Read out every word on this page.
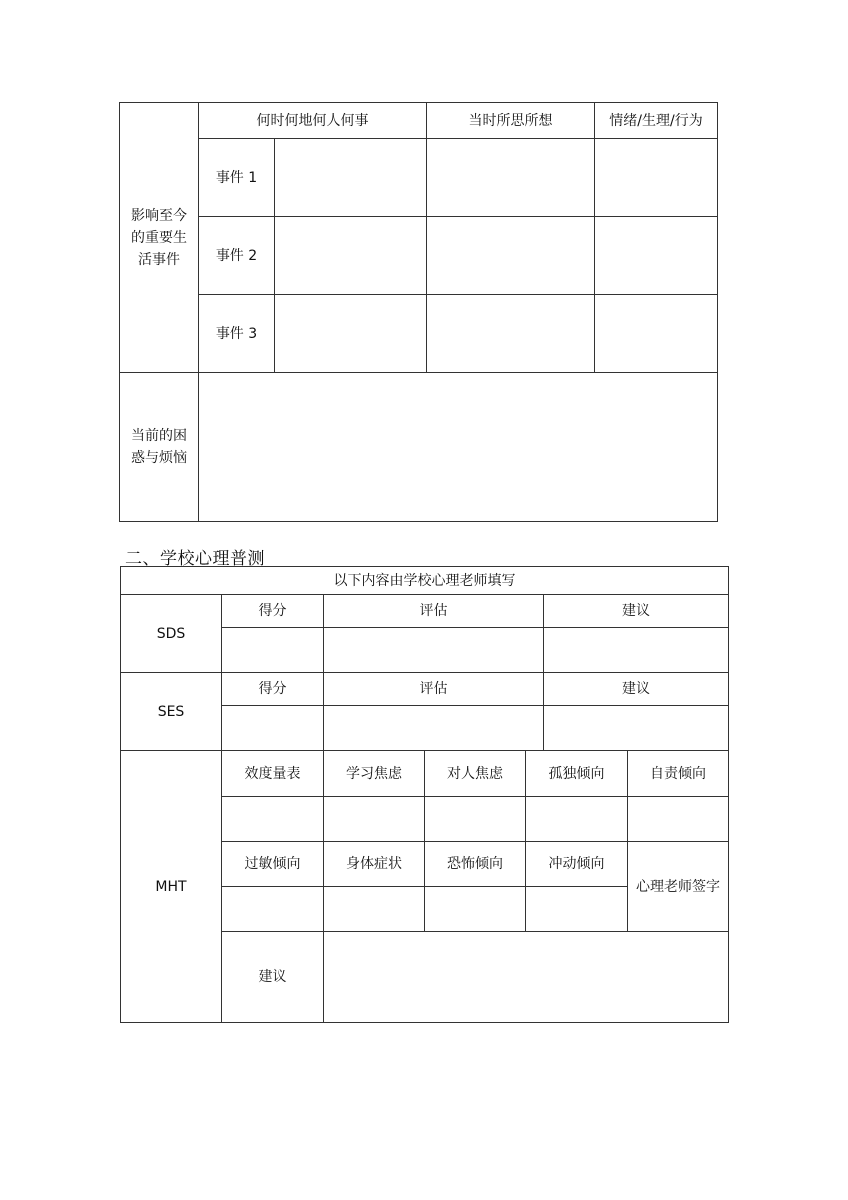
影响至今
的重要生
活事件	何时何地何人何事		当时所思所想	情绪/生理/行为
	事件 1			
	事件 2			
	事件 3			
当前的困
惑与烦恼				
二、学校心理普测
以下内容由学校心理老师填写						
SDS	得分	评估			建议	

SES	得分	评估			建议	

MHT	效度量表	学习焦虑	对人焦虑	孤独倾向		自责倾向

	过敏倾向	身体症状	恐怖倾向	冲动倾向		心理老师签字

	建议					
